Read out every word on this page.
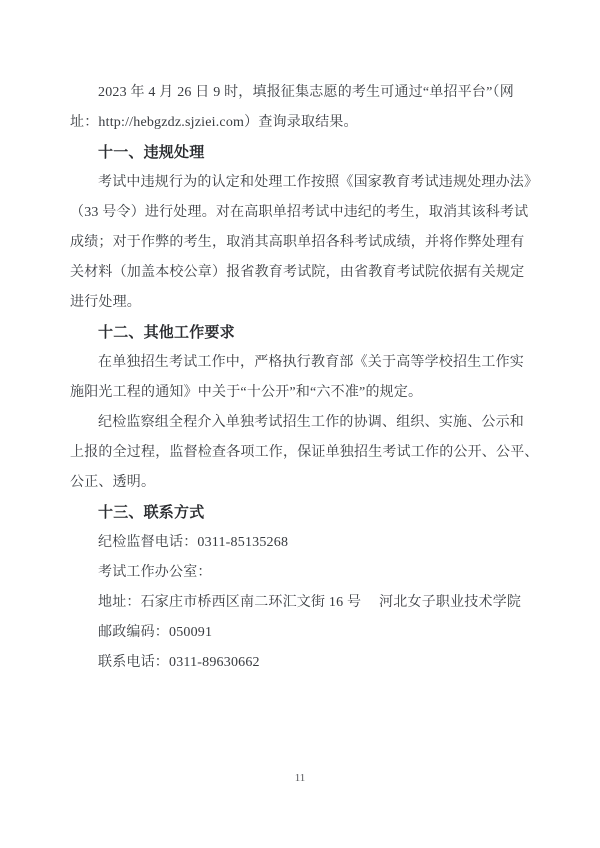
2023 年 4 月 26 日 9 时，填报征集志愿的考生可通过“单招平台”（网
址：http://hebgzdz.sjziei.com）查询录取结果。
十一、违规处理
考试中违规行为的认定和处理工作按照《国家教育考试违规处理办法》
（33 号令）进行处理。对在高职单招考试中违纪的考生，取消其该科考试
成绩；对于作弊的考生，取消其高职单招各科考试成绩，并将作弊处理有
关材料（加盖本校公章）报省教育考试院，由省教育考试院依据有关规定
进行处理。
十二、其他工作要求
在单独招生考试工作中，严格执行教育部《关于高等学校招生工作实
施阳光工程的通知》中关于“十公开”和“六不准”的规定。
纪检监察组全程介入单独考试招生工作的协调、组织、实施、公示和
上报的全过程，监督检查各项工作，保证单独招生考试工作的公开、公平、
公正、透明。
十三、联系方式
纪检监督电话：0311-85135268
考试工作办公室：
地址：石家庄市桥西区南二环汇文街 16 号　 河北女子职业技术学院
邮政编码：050091
联系电话：0311-89630662
11
